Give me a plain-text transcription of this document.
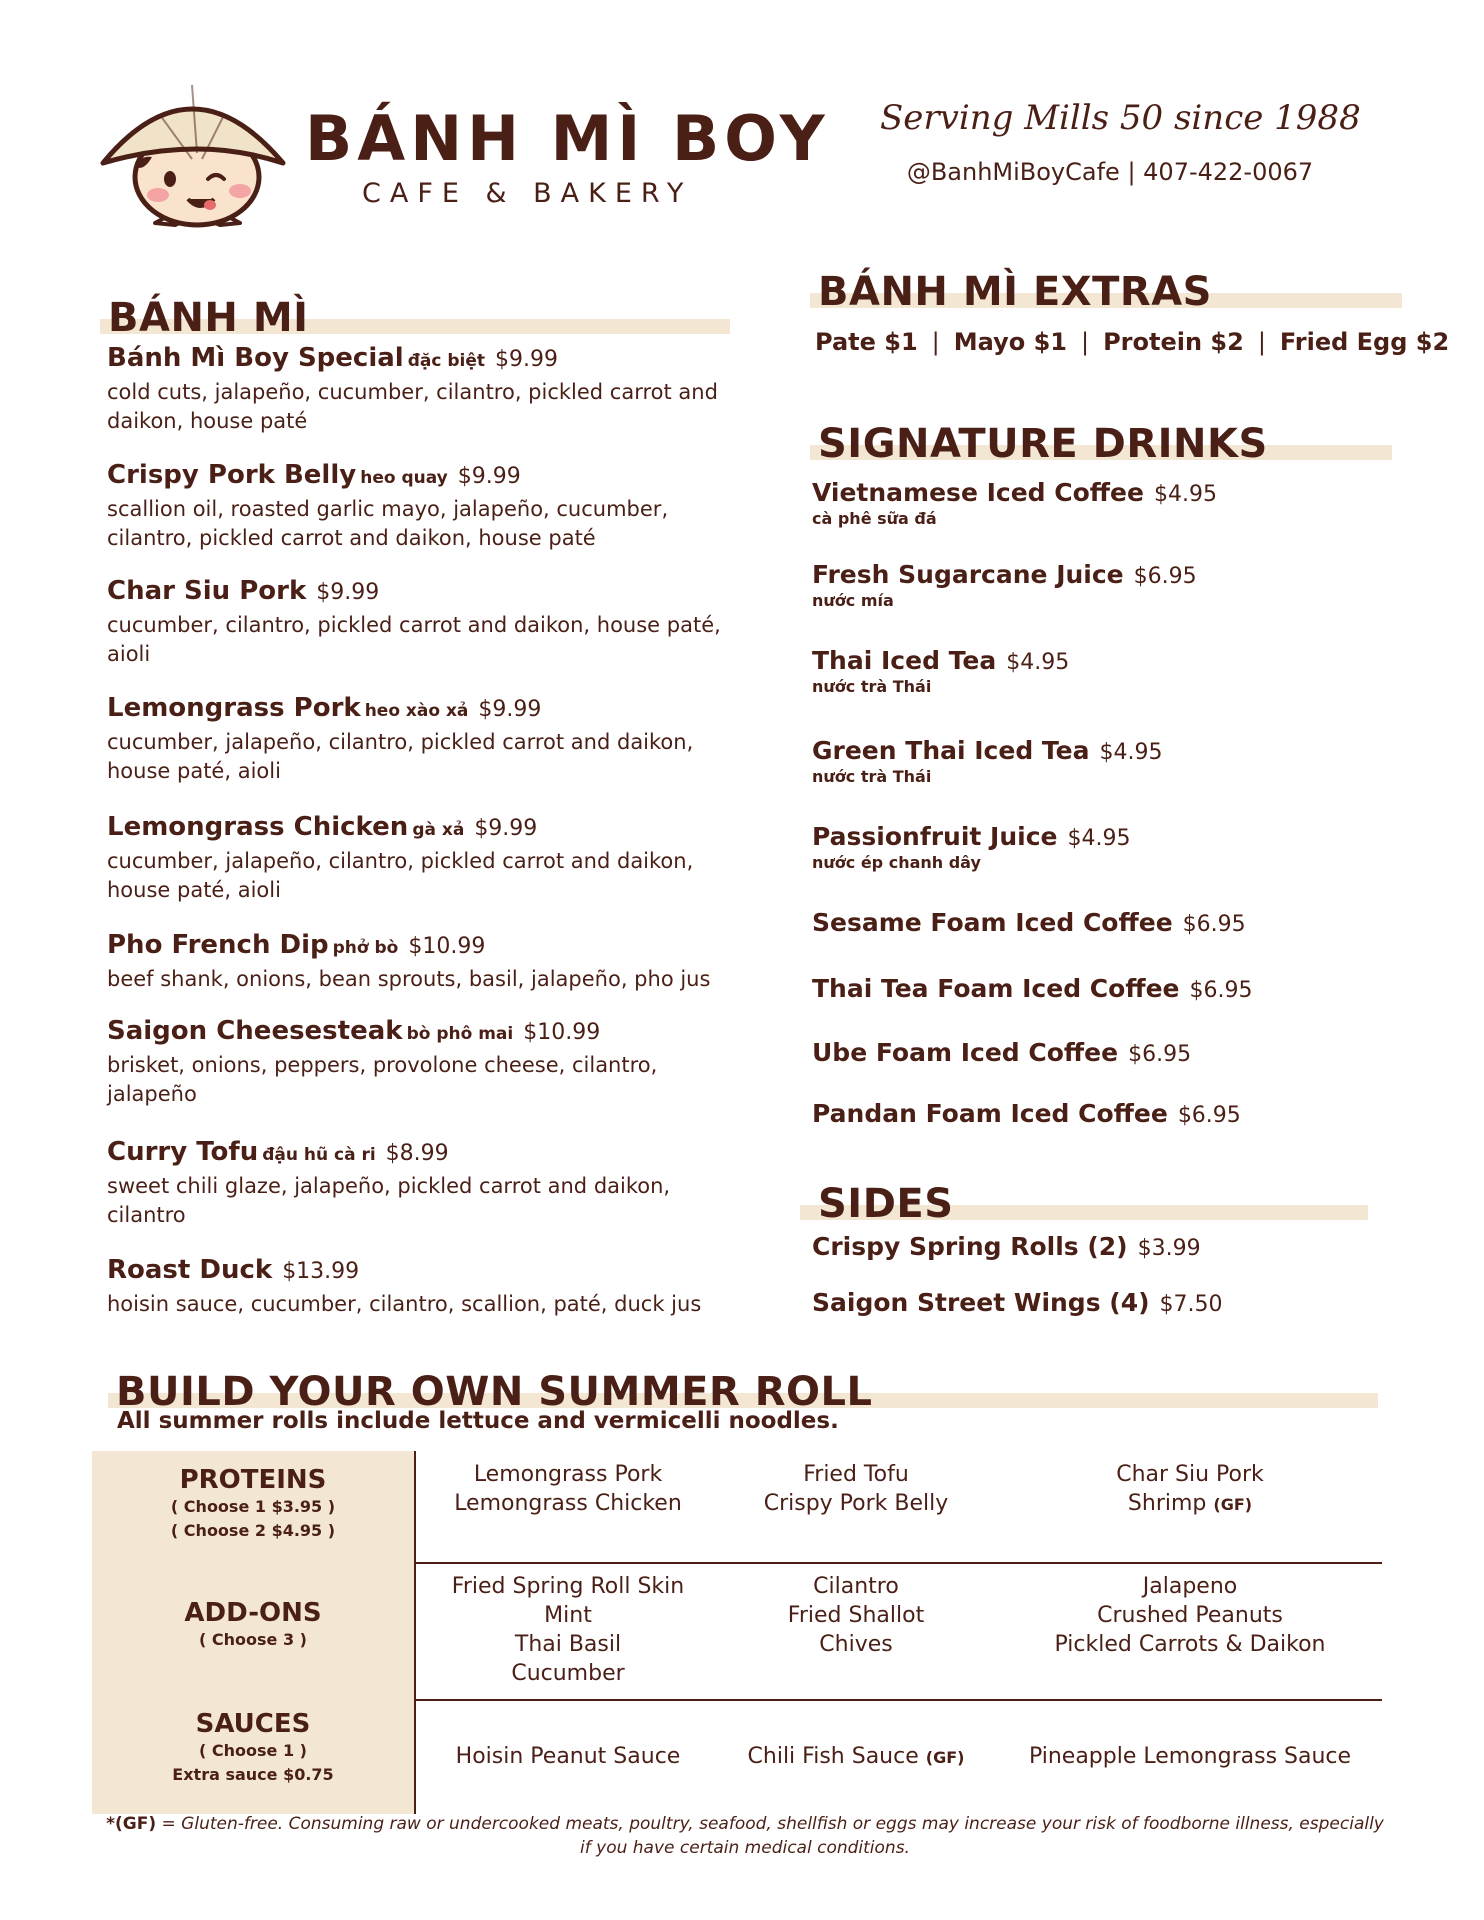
BÁNH MÌ BOY
CAFE & BAKERY
Serving Mills 50 since 1988
@BanhMiBoyCafe | 407-422-0067
BÁNH MÌ
Bánh Mì Boy Special đặc biệt $9.99
cold cuts, jalapeño, cucumber, cilantro, pickled carrot and daikon, house paté
Crispy Pork Belly heo quay $9.99
scallion oil, roasted garlic mayo, jalapeño, cucumber, cilantro, pickled carrot and daikon, house paté
Char Siu Pork $9.99
cucumber, cilantro, pickled carrot and daikon, house paté, aioli
Lemongrass Pork heo xào xả $9.99
cucumber, jalapeño, cilantro, pickled carrot and daikon, house paté, aioli
Lemongrass Chicken gà xả $9.99
cucumber, jalapeño, cilantro, pickled carrot and daikon, house paté, aioli
Pho French Dip phở bò $10.99
beef shank, onions, bean sprouts, basil, jalapeño, pho jus
Saigon Cheesesteak bò phô mai $10.99
brisket, onions, peppers, provolone cheese, cilantro, jalapeño
Curry Tofu đậu hũ cà ri $8.99
sweet chili glaze, jalapeño, pickled carrot and daikon, cilantro
Roast Duck $13.99
hoisin sauce, cucumber, cilantro, scallion, paté, duck jus
BÁNH MÌ EXTRAS
Pate $1 | Mayo $1 | Protein $2 | Fried Egg $2
SIGNATURE DRINKS
Vietnamese Iced Coffee $4.95
cà phê sữa đá
Fresh Sugarcane Juice $6.95
nước mía
Thai Iced Tea $4.95
nước trà Thái
Green Thai Iced Tea $4.95
nước trà Thái
Passionfruit Juice $4.95
nước ép chanh dây
Sesame Foam Iced Coffee $6.95
Thai Tea Foam Iced Coffee $6.95
Ube Foam Iced Coffee $6.95
Pandan Foam Iced Coffee $6.95
SIDES
Crispy Spring Rolls (2) $3.99
Saigon Street Wings (4) $7.50
BUILD YOUR OWN SUMMER ROLL
All summer rolls include lettuce and vermicelli noodles.
PROTEINS
( Choose 1 $3.95 )
( Choose 2 $4.95 )
Lemongrass Pork
Lemongrass Chicken
Fried Tofu
Crispy Pork Belly
Char Siu Pork
Shrimp (GF)
ADD-ONS
( Choose 3 )
Fried Spring Roll Skin
Mint
Thai Basil
Cucumber
Cilantro
Fried Shallot
Chives
Jalapeno
Crushed Peanuts
Pickled Carrots & Daikon
SAUCES
( Choose 1 )
Extra sauce $0.75
Hoisin Peanut Sauce	Chili Fish Sauce (GF)	Pineapple Lemongrass Sauce
*(GF) = Gluten-free. Consuming raw or undercooked meats, poultry, seafood, shellfish or eggs may increase your risk of foodborne illness, especially if you have certain medical conditions.
